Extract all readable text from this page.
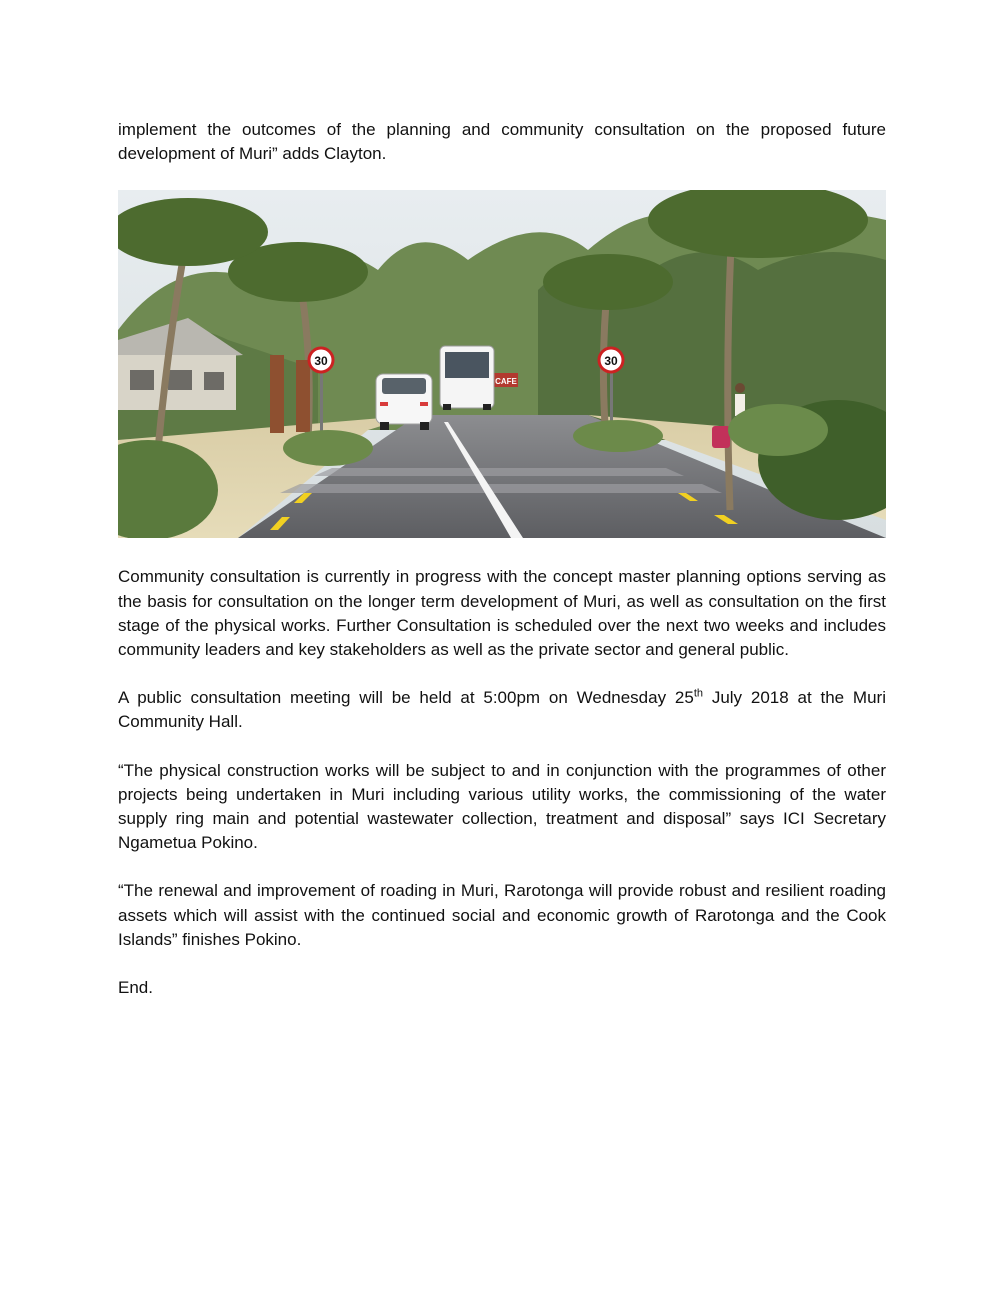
implement the outcomes of the planning and community consultation on the proposed future development of Muri” adds Clayton.

30	30
CAFE

Community consultation is currently in progress with the concept master planning options serving as the basis for consultation on the longer term development of Muri, as well as consultation on the first stage of the physical works. Further Consultation is scheduled over the next two weeks and includes community leaders and key stakeholders as well as the private sector and general public.

A public consultation meeting will be held at 5:00pm on Wednesday 25th July 2018 at the Muri Community Hall.

“The physical construction works will be subject to and in conjunction with the programmes of other projects being undertaken in Muri including various utility works, the commissioning of the water supply ring main and potential wastewater collection, treatment and disposal” says ICI Secretary Ngametua Pokino.

“The renewal and improvement of roading in Muri, Rarotonga will provide robust and resilient roading assets which will assist with the continued social and economic growth of Rarotonga and the Cook Islands” finishes Pokino.

End.
